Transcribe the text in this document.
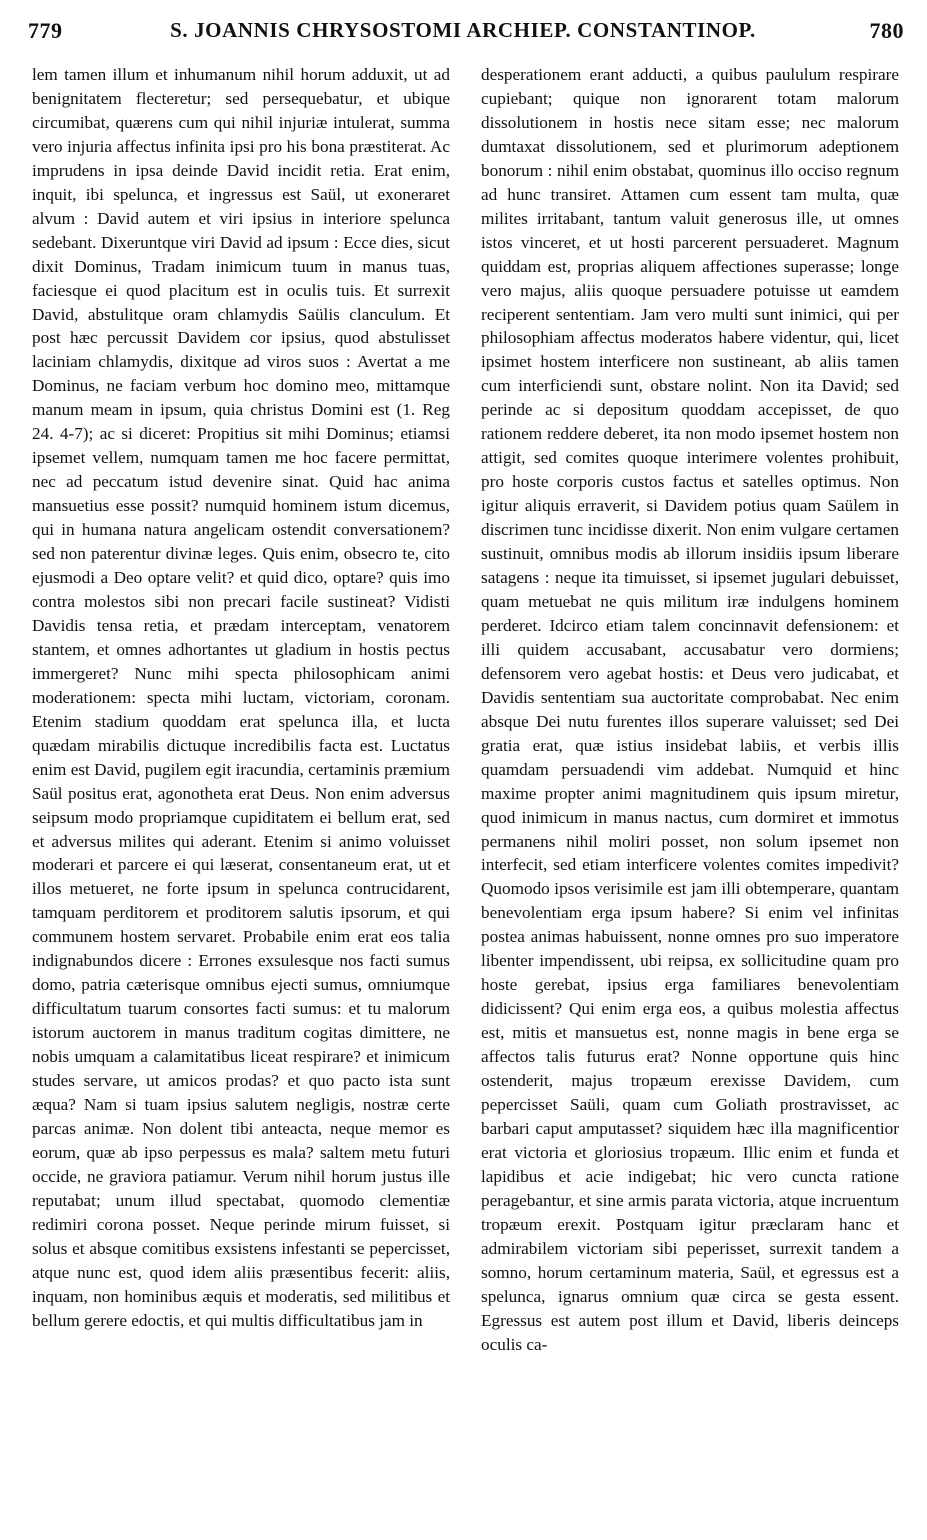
779	S. JOANNIS CHRYSOSTOMI ARCHIEP. CONSTANTINOP.	780

lem tamen illum et inhumanum nihil horum adduxit, ut ad benignitatem flecteretur; sed persequebatur, et ubique circumibat, quærens cum qui nihil injuriæ intulerat, summa vero injuria affectus infinita ipsi pro his bona præstiterat. Ac imprudens in ipsa deinde David incidit retia. Erat enim, inquit, ibi spelunca, et ingressus est Saül, ut exoneraret alvum : David autem et viri ipsius in interiore spelunca sedebant. Dixeruntque viri David ad ipsum : Ecce dies, sicut dixit Dominus, Tradam inimicum tuum in manus tuas, faciesque ei quod placitum est in oculis tuis. Et surrexit David, abstulitque oram chlamydis Saülis clanculum. Et post hæc percussit Davidem cor ipsius, quod abstulisset laciniam chlamydis, dixitque ad viros suos : Avertat a me Dominus, ne faciam verbum hoc domino meo, mittamque manum meam in ipsum, quia christus Domini est (1. Reg 24. 4-7); ac si diceret: Propitius sit mihi Dominus; etiamsi ipsemet vellem, numquam tamen me hoc facere permittat, nec ad peccatum istud devenire sinat. Quid hac anima mansuetius esse possit? numquid hominem istum dicemus, qui in humana natura angelicam ostendit conversationem? sed non paterentur divinæ leges. Quis enim, obsecro te, cito ejusmodi a Deo optare velit? et quid dico, optare? quis imo contra molestos sibi non precari facile sustineat? Vidisti Davidis tensa retia, et prædam interceptam, venatorem stantem, et omnes adhortantes ut gladium in hostis pectus immergeret? Nunc mihi specta philosophicam animi moderationem: specta mihi luctam, victoriam, coronam. Etenim stadium quoddam erat spelunca illa, et lucta quædam mirabilis dictuque incredibilis facta est. Luctatus enim est David, pugilem egit iracundia, certaminis præmium Saül positus erat, agonotheta erat Deus. Non enim adversus seipsum modo propriamque cupiditatem ei bellum erat, sed et adversus milites qui aderant. Etenim si animo voluisset moderari et parcere ei qui læserat, consentaneum erat, ut et illos metueret, ne forte ipsum in spelunca contrucidarent, tamquam perditorem et proditorem salutis ipsorum, et qui communem hostem servaret. Probabile enim erat eos talia indignabundos dicere : Errones exsulesque nos facti sumus domo, patria cæterisque omnibus ejecti sumus, omniumque difficultatum tuarum consortes facti sumus: et tu malorum istorum auctorem in manus traditum cogitas dimittere, ne nobis umquam a calamitatibus liceat respirare? et inimicum studes servare, ut amicos prodas? et quo pacto ista sunt æqua? Nam si tuam ipsius salutem negligis, nostræ certe parcas animæ. Non dolent tibi anteacta, neque memor es eorum, quæ ab ipso perpessus es mala? saltem metu futuri occide, ne graviora patiamur. Verum nihil horum justus ille reputabat; unum illud spectabat, quomodo clementiæ redimiri corona posset. Neque perinde mirum fuisset, si solus et absque comitibus exsistens infestanti se pepercisset, atque nunc est, quod idem aliis præsentibus fecerit: aliis, inquam, non hominibus æquis et moderatis, sed militibus et bellum gerere edoctis, et qui multis difficultatibus jam in

desperationem erant adducti, a quibus paululum respirare cupiebant; quique non ignorarent totam malorum dissolutionem in hostis nece sitam esse; nec malorum dumtaxat dissolutionem, sed et plurimorum adeptionem bonorum : nihil enim obstabat, quominus illo occiso regnum ad hunc transiret. Attamen cum essent tam multa, quæ milites irritabant, tantum valuit generosus ille, ut omnes istos vinceret, et ut hosti parcerent persuaderet. Magnum quiddam est, proprias aliquem affectiones superasse; longe vero majus, aliis quoque persuadere potuisse ut eamdem reciperent sententiam. Jam vero multi sunt inimici, qui per philosophiam affectus moderatos habere videntur, qui, licet ipsimet hostem interficere non sustineant, ab aliis tamen cum interficiendi sunt, obstare nolint. Non ita David; sed perinde ac si depositum quoddam accepisset, de quo rationem reddere deberet, ita non modo ipsemet hostem non attigit, sed comites quoque interimere volentes prohibuit, pro hoste corporis custos factus et satelles optimus. Non igitur aliquis erraverit, si Davidem potius quam Saülem in discrimen tunc incidisse dixerit. Non enim vulgare certamen sustinuit, omnibus modis ab illorum insidiis ipsum liberare satagens : neque ita timuisset, si ipsemet jugulari debuisset, quam metuebat ne quis militum iræ indulgens hominem perderet. Idcirco etiam talem concinnavit defensionem: et illi quidem accusabant, accusabatur vero dormiens; defensorem vero agebat hostis: et Deus vero judicabat, et Davidis sententiam sua auctoritate comprobabat. Nec enim absque Dei nutu furentes illos superare valuisset; sed Dei gratia erat, quæ istius insidebat labiis, et verbis illis quamdam persuadendi vim addebat. Numquid et hinc maxime propter animi magnitudinem quis ipsum miretur, quod inimicum in manus nactus, cum dormiret et immotus permanens nihil moliri posset, non solum ipsemet non interfecit, sed etiam interficere volentes comites impedivit? Quomodo ipsos verisimile est jam illi obtemperare, quantam benevolentiam erga ipsum habere? Si enim vel infinitas postea animas habuissent, nonne omnes pro suo imperatore libenter impendissent, ubi reipsa, ex sollicitudine quam pro hoste gerebat, ipsius erga familiares benevolentiam didicissent? Qui enim erga eos, a quibus molestia affectus est, mitis et mansuetus est, nonne magis in bene erga se affectos talis futurus erat? Nonne opportune quis hinc ostenderit, majus tropæum erexisse Davidem, cum pepercisset Saüli, quam cum Goliath prostravisset, ac barbari caput amputasset? siquidem hæc illa magnificentior erat victoria et gloriosius tropæum. Illic enim et funda et lapidibus et acie indigebat; hic vero cuncta ratione peragebantur, et sine armis parata victoria, atque incruentum tropæum erexit. Postquam igitur præclaram hanc et admirabilem victoriam sibi peperisset, surrexit tandem a somno, horum certaminum materia, Saül, et egressus est a spelunca, ignarus omnium quæ circa se gesta essent. Egressus est autem post illum et David, liberis deinceps oculis ca-
